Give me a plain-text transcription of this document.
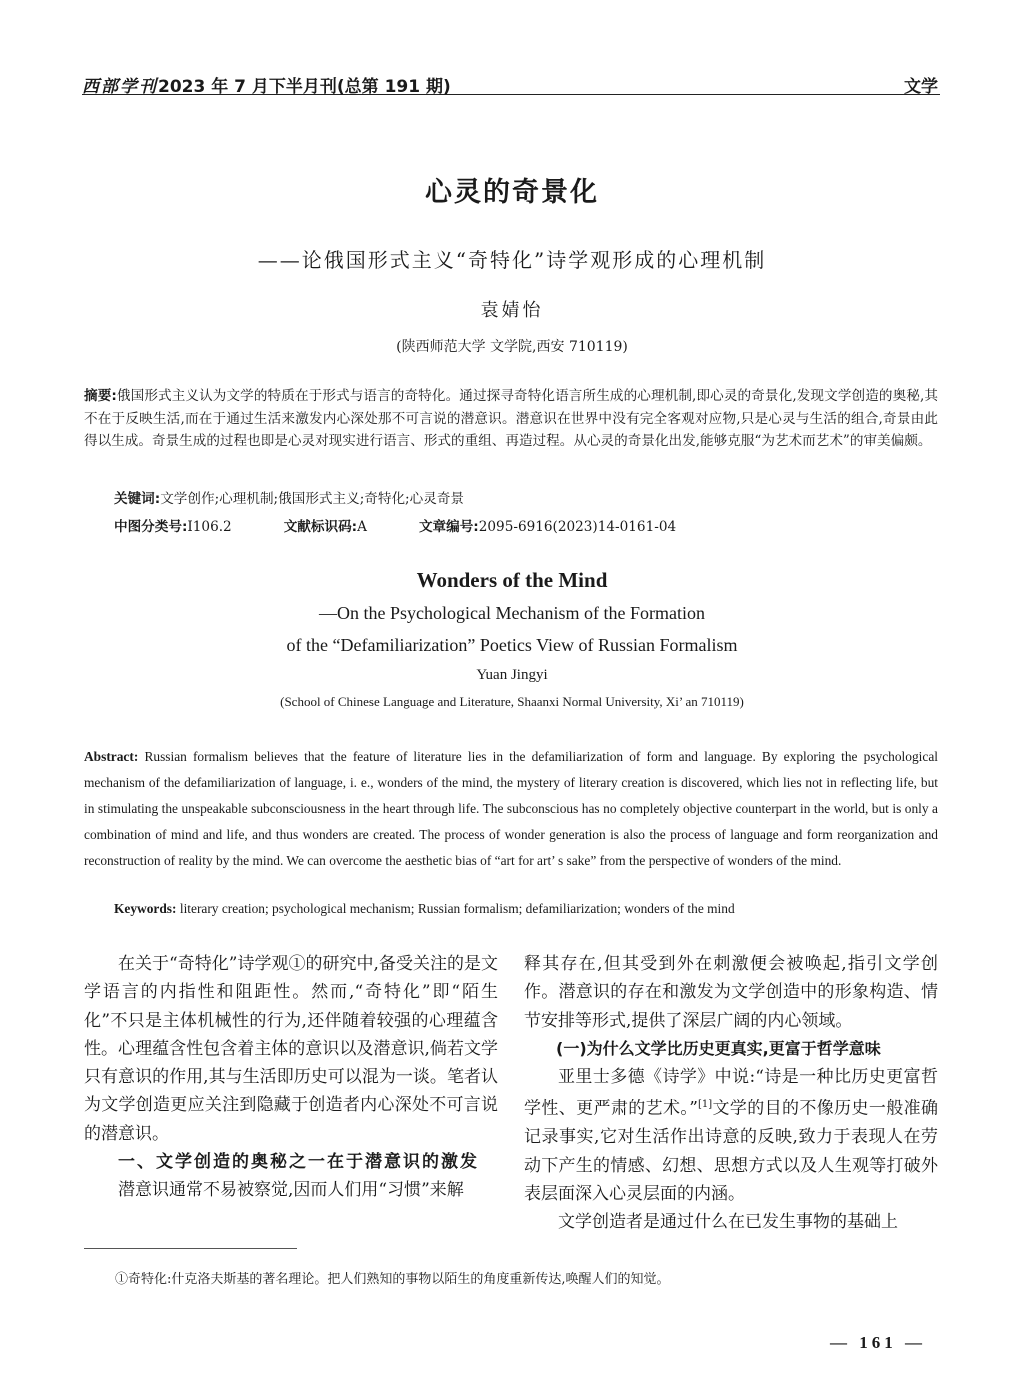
西部学刊2023 年 7 月下半月刊(总第 191 期)	文学
心灵的奇景化
——论俄国形式主义“奇特化”诗学观形成的心理机制
袁婧怡
(陕西师范大学 文学院,西安 710119)
摘要:俄国形式主义认为文学的特质在于形式与语言的奇特化。通过探寻奇特化语言所生成的心理机制,即心灵的奇景化,发现文学创造的奥秘,其不在于反映生活,而在于通过生活来激发内心深处那不可言说的潜意识。潜意识在世界中没有完全客观对应物,只是心灵与生活的组合,奇景由此得以生成。奇景生成的过程也即是心灵对现实进行语言、形式的重组、再造过程。从心灵的奇景化出发,能够克服“为艺术而艺术”的审美偏颇。
关键词:文学创作;心理机制;俄国形式主义;奇特化;心灵奇景
中图分类号:I106.2	文献标识码:A	文章编号:2095-6916(2023)14-0161-04
Wonders of the Mind
—On the Psychological Mechanism of the Formation
of the “Defamiliarization” Poetics View of Russian Formalism
Yuan Jingyi
(School of Chinese Language and Literature, Shaanxi Normal University, Xi’ an 710119)
Abstract: Russian formalism believes that the feature of literature lies in the defamiliarization of form and language. By exploring the psychological mechanism of the defamiliarization of language, i. e., wonders of the mind, the mystery of literary creation is discovered, which lies not in reflecting life, but in stimulating the unspeakable subconsciousness in the heart through life. The subconscious has no completely objective counterpart in the world, but is only a combination of mind and life, and thus wonders are created. The process of wonder generation is also the process of language and form reorganization and reconstruction of reality by the mind. We can overcome the aesthetic bias of “art for art’ s sake” from the perspective of wonders of the mind.
Keywords: literary creation; psychological mechanism; Russian formalism; defamiliarization; wonders of the mind

在关于“奇特化”诗学观①的研究中,备受关注的是文学语言的内指性和阻距性。然而,“奇特化”即“陌生化”不只是主体机械性的行为,还伴随着较强的心理蕴含性。心理蕴含性包含着主体的意识以及潜意识,倘若文学只有意识的作用,其与生活即历史可以混为一谈。笔者认为文学创造更应关注到隐藏于创造者内心深处不可言说的潜意识。

一、文学创造的奥秘之一在于潜意识的激发

潜意识通常不易被察觉,因而人们用“习惯”来解

释其存在,但其受到外在刺激便会被唤起,指引文学创作。潜意识的存在和激发为文学创造中的形象构造、情节安排等形式,提供了深层广阔的内心领域。

(一)为什么文学比历史更真实,更富于哲学意味

亚里士多德《诗学》中说:“诗是一种比历史更富哲学性、更严肃的艺术。”[1]文学的目的不像历史一般准确记录事实,它对生活作出诗意的反映,致力于表现人在劳动下产生的情感、幻想、思想方式以及人生观等打破外表层面深入心灵层面的内涵。

文学创造者是通过什么在已发生事物的基础上

①奇特化:什克洛夫斯基的著名理论。把人们熟知的事物以陌生的角度重新传达,唤醒人们的知觉。
— 161 —
